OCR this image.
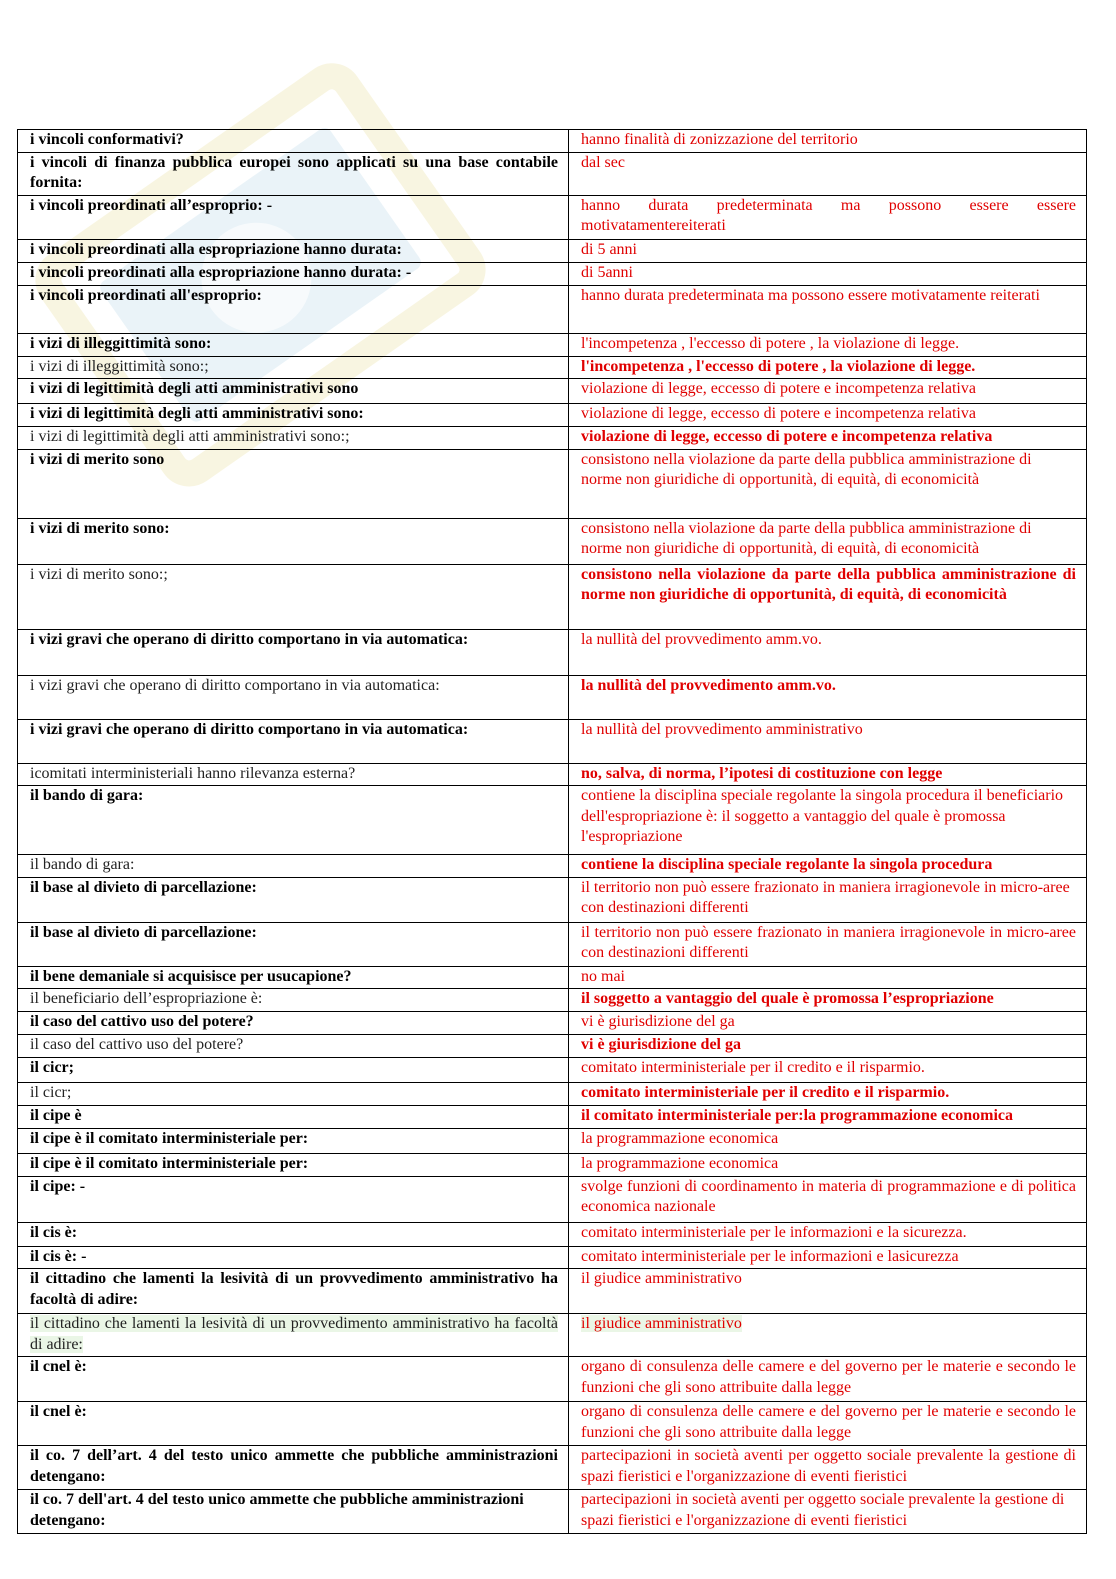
i vincoli conformativi?	hanno finalità di zonizzazione del territorio
i vincoli di finanza pubblica europei sono applicati su una base contabile fornita:	dal sec
i vincoli preordinati all’esproprio: -	hanno durata predeterminata ma possono essere essere motivatamentereiterati
i vincoli preordinati alla espropriazione hanno durata:	di 5 anni
i vincoli preordinati alla espropriazione hanno durata: -	di 5anni
i vincoli preordinati all'esproprio:	hanno durata predeterminata ma possono essere motivatamente reiterati
i vizi di illeggittimità sono:	l'incompetenza , l'eccesso di potere , la violazione di legge.
i vizi di illeggittimità sono:;	l'incompetenza , l'eccesso di potere , la violazione di legge.
i vizi di legittimità degli atti amministrativi sono	violazione di legge, eccesso di potere e incompetenza relativa
i vizi di legittimità degli atti amministrativi sono:	violazione di legge, eccesso di potere e incompetenza relativa
i vizi di legittimità degli atti amministrativi sono:;	violazione di legge, eccesso di potere e incompetenza relativa
i vizi di merito sono	consistono nella violazione da parte della pubblica amministrazione di norme non giuridiche di opportunità, di equità, di economicità
i vizi di merito sono:	consistono nella violazione da parte della pubblica amministrazione di norme non giuridiche di opportunità, di equità, di economicità
i vizi di merito sono:;	consistono nella violazione da parte della pubblica amministrazione di norme non giuridiche di opportunità, di equità, di economicità
i vizi gravi che operano di diritto comportano in via automatica:	la nullità del provvedimento amm.vo.
i vizi gravi che operano di diritto comportano in via automatica:	la nullità del provvedimento amm.vo.
i vizi gravi che operano di diritto comportano in via automatica:	la nullità del provvedimento amministrativo
icomitati interministeriali hanno rilevanza esterna?	no, salva, di norma, l’ipotesi di costituzione con legge
il bando di gara:	contiene la disciplina speciale regolante la singola procedura il beneficiario dell'espropriazione è: il soggetto a vantaggio del quale è promossa l'espropriazione
il bando di gara:	contiene la disciplina speciale regolante la singola procedura
il base al divieto di parcellazione:	il territorio non può essere frazionato in maniera irragionevole in micro-aree con destinazioni differenti
il base al divieto di parcellazione:	il territorio non può essere frazionato in maniera irragionevole in micro-aree con destinazioni differenti
il bene demaniale si acquisisce per usucapione?	no mai
il beneficiario dell’espropriazione è:	il soggetto a vantaggio del quale è promossa l’espropriazione
il caso del cattivo uso del potere?	vi è giurisdizione del ga
il caso del cattivo uso del potere?	vi è giurisdizione del ga
il cicr;	comitato interministeriale per il credito e il risparmio.
il cicr;	comitato interministeriale per il credito e il risparmio.
il cipe è	il comitato interministeriale per:la programmazione economica
il cipe è il comitato interministeriale per:	la programmazione economica
il cipe è il comitato interministeriale per:	la programmazione economica
il cipe: -	svolge funzioni di coordinamento in materia di programmazione e di politica economica nazionale
il cis è:	comitato interministeriale per le informazioni e la sicurezza.
il cis è: -	comitato interministeriale per le informazioni e lasicurezza
il cittadino che lamenti la lesività di un provvedimento amministrativo ha facoltà di adire:	il giudice amministrativo
il cittadino che lamenti la lesività di un provvedimento amministrativo ha facoltà di adire:	il giudice amministrativo
il cnel è:	organo di consulenza delle camere e del governo per le materie e secondo le funzioni che gli sono attribuite dalla legge
il cnel è:	organo di consulenza delle camere e del governo per le materie e secondo le funzioni che gli sono attribuite dalla legge
il co. 7 dell’art. 4 del testo unico ammette che pubbliche amministrazioni detengano:	partecipazioni in società aventi per oggetto sociale prevalente la gestione di spazi fieristici e l'organizzazione di eventi fieristici
il co. 7 dell'art. 4 del testo unico ammette che pubbliche amministrazioni detengano:	partecipazioni in società aventi per oggetto sociale prevalente la gestione di spazi fieristici e l'organizzazione di eventi fieristici
